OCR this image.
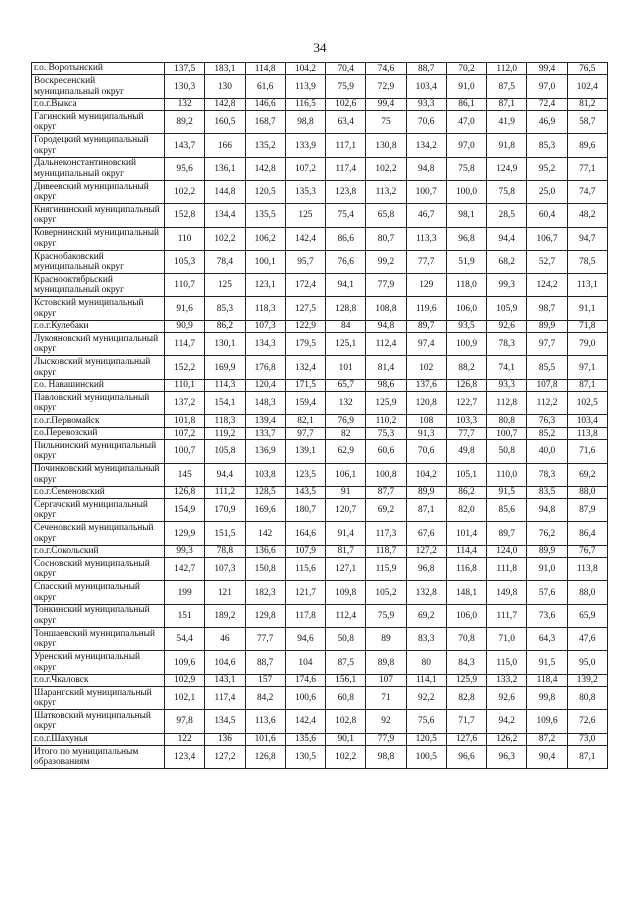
34
г.о. Воротынский	137,5	183,1	114,8	104,2	70,4	74,6	88,7	70,2	112,0	99,4	76,5
Воскресенский муниципальный округ	130,3	130	61,6	113,9	75,9	72,9	103,4	91,0	87,5	97,0	102,4
г.о.г.Выкса	132	142,8	146,6	116,5	102,6	99,4	93,3	86,1	87,1	72,4	81,2
Гагинский муниципальный округ	89,2	160,5	168,7	98,8	63,4	75	70,6	47,0	41,9	46,9	58,7
Городецкий муниципальный округ	143,7	166	135,2	133,9	117,1	130,8	134,2	97,0	91,8	85,3	89,6
Дальнеконстантиновский муниципальный округ	95,6	136,1	142,8	107,2	117,4	102,2	94,8	75,8	124,9	95,2	77,1
Дивеевский муниципальный округ	102,2	144,8	120,5	135,3	123,8	113,2	100,7	100,0	75,8	25,0	74,7
Княгининский муниципальный округ	152,8	134,4	135,5	125	75,4	65,8	46,7	98,1	28,5	60,4	48,2
Ковернинский муниципальный округ	110	102,2	106,2	142,4	86,6	80,7	113,3	96,8	94,4	106,7	94,7
Краснобаковский муниципальный округ	105,3	78,4	100,1	95,7	76,6	99,2	77,7	51,9	68,2	52,7	78,5
Краснооктябрьский муниципальный округ	110,7	125	123,1	172,4	94,1	77,9	129	118,0	99,3	124,2	113,1
Кстовский муниципальный округ	91,6	85,3	118,3	127,5	128,8	108,8	119,6	106,0	105,9	98,7	91,1
г.о.г.Кулебаки	90,9	86,2	107,3	122,9	84	94,8	89,7	93,5	92,6	89,9	71,8
Лукояновский муниципальный округ	114,7	130,1	134,3	179,5	125,1	112,4	97,4	100,9	78,3	97,7	79,0
Лысковский муниципальный округ	152,2	169,9	176,8	132,4	101	81,4	102	88,2	74,1	85,5	97,1
г.о. Навашинский	110,1	114,3	120,4	171,5	65,7	98,6	137,6	126,8	93,3	107,8	87,1
Павловский муниципальный округ	137,2	154,1	148,3	159,4	132	125,9	120,8	122,7	112,8	112,2	102,5
г.о.г.Первомайск	101,8	118,3	139,4	82,1	76,9	110,2	108	103,3	80,8	76,3	103,4
г.о.Перевозский	107,2	119,2	133,7	97,7	82	75,3	91,3	77,7	100,7	85,2	113,8
Пильнинский муниципальный округ	100,7	105,8	136,9	139,1	62,9	60,6	70,6	49,8	50,8	40,0	71,6
Починковский муниципальный округ	145	94,4	103,8	123,5	106,1	100,8	104,2	105,1	110,0	78,3	69,2
г.о.г.Семеновский	126,8	111,2	128,5	143,5	91	87,7	89,9	86,2	91,5	83,5	88,0
Сергачский муниципальный округ	154,9	170,9	169,6	180,7	120,7	69,2	87,1	82,0	85,6	94,8	87,9
Сеченовский муниципальный округ	129,9	151,5	142	164,6	91,4	117,3	67,6	101,4	89,7	76,2	86,4
г.о.г.Сокольский	99,3	78,8	136,6	107,9	81,7	118,7	127,2	114,4	124,0	89,9	76,7
Сосновский муниципальный округ	142,7	107,3	150,8	115,6	127,1	115,9	96,8	116,8	111,8	91,0	113,8
Спасский муниципальный округ	199	121	182,3	121,7	109,8	105,2	132,8	148,1	149,8	57,6	88,0
Тонкинский муниципальный округ	151	189,2	129,8	117,8	112,4	75,9	69,2	106,0	111,7	73,6	65,9
Тоншаевский муниципальный округ	54,4	46	77,7	94,6	50,8	89	83,3	70,8	71,0	64,3	47,6
Уренский муниципальный округ	109,6	104,6	88,7	104	87,5	89,8	80	84,3	115,0	91,5	95,0
г.о.г.Чкаловск	102,9	143,1	157	174,6	156,1	107	114,1	125,9	133,2	118,4	139,2
Шарангский муниципальный округ	102,1	117,4	84,2	100,6	60,8	71	92,2	82,8	92,6	99,8	80,8
Шатковский муниципальный округ	97,8	134,5	113,6	142,4	102,8	92	75,6	71,7	94,2	109,6	72,6
г.о.г.Шахунья	122	136	101,6	135,6	90,1	77,9	120,5	127,6	126,2	87,2	73,0
Итого по муниципальным образованиям	123,4	127,2	126,8	130,5	102,2	98,8	100,5	96,6	96,3	90,4	87,1
